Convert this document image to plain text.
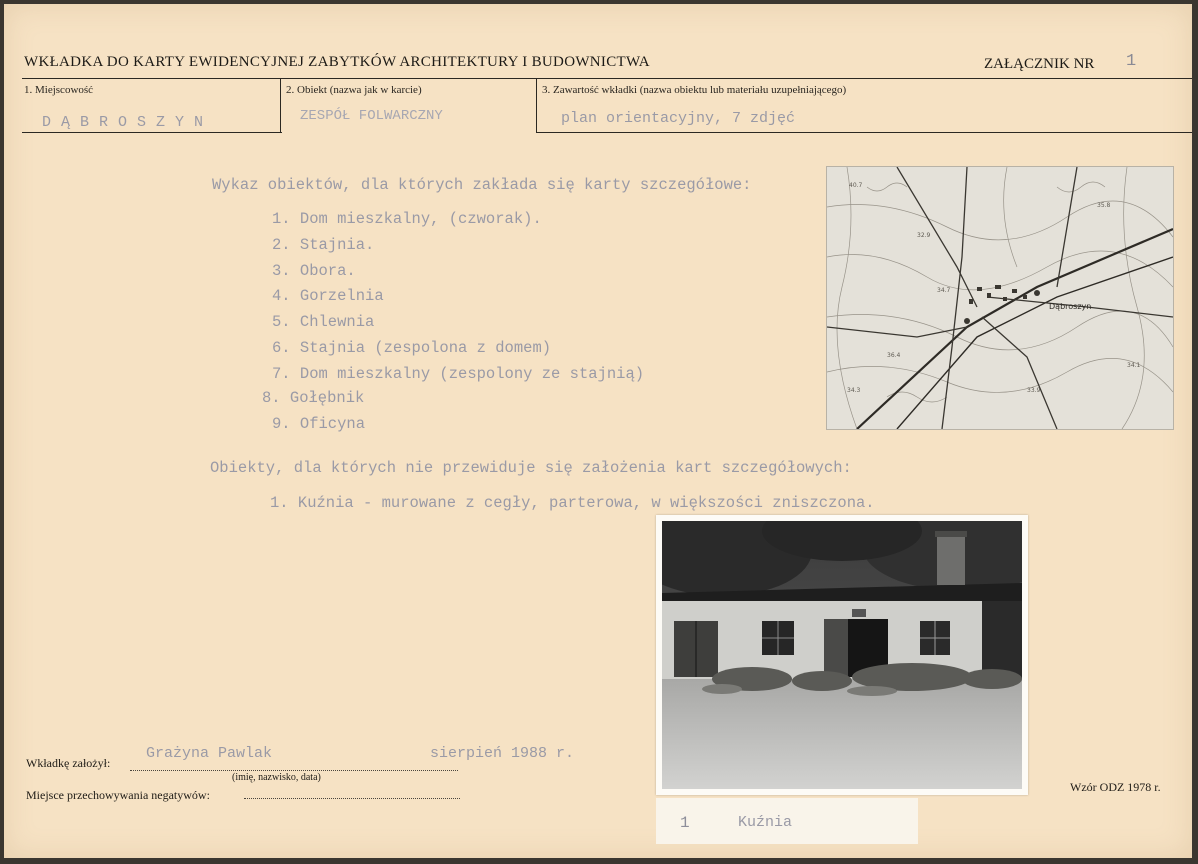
WKŁADKA DO KARTY EWIDENCYJNEJ ZABYTKÓW ARCHITEKTURY I BUDOWNICTWA	ZAŁĄCZNIK NR 1
1. Miejscowość	2. Obiekt (nazwa jak w karcie)	3. Zawartość wkładki (nazwa obiektu lub materiału uzupełniającego)
DĄBROSZYN	ZESPÓŁ FOLWARCZNY	plan orientacyjny, 7 zdjęć
Wykaz obiektów, dla których zakłada się karty szczegółowe:
1. Dom mieszkalny, (czworak).
2. Stajnia.
3. Obora.
4. Gorzelnia
5. Chlewnia
6. Stajnia (zespolona z domem)
7. Dom mieszkalny (zespolony ze stajnią)
8. Gołębnik
9. Oficyna
Obiekty, dla których nie przewiduje się założenia kart szczegółowych:
1. Kuźnia - murowane z cegły, parterowa, w większości zniszczona.
40.7
32.9
35.8
36.4
34.3	33.9
34.1
34.7
Dąbroszyn
1	Kuźnia
Wkładkę założył:
Grażyna Pawlak	sierpień 1988 r.
(imię, nazwisko, data)
Miejsce przechowywania negatywów:
Wzór ODZ 1978 r.
